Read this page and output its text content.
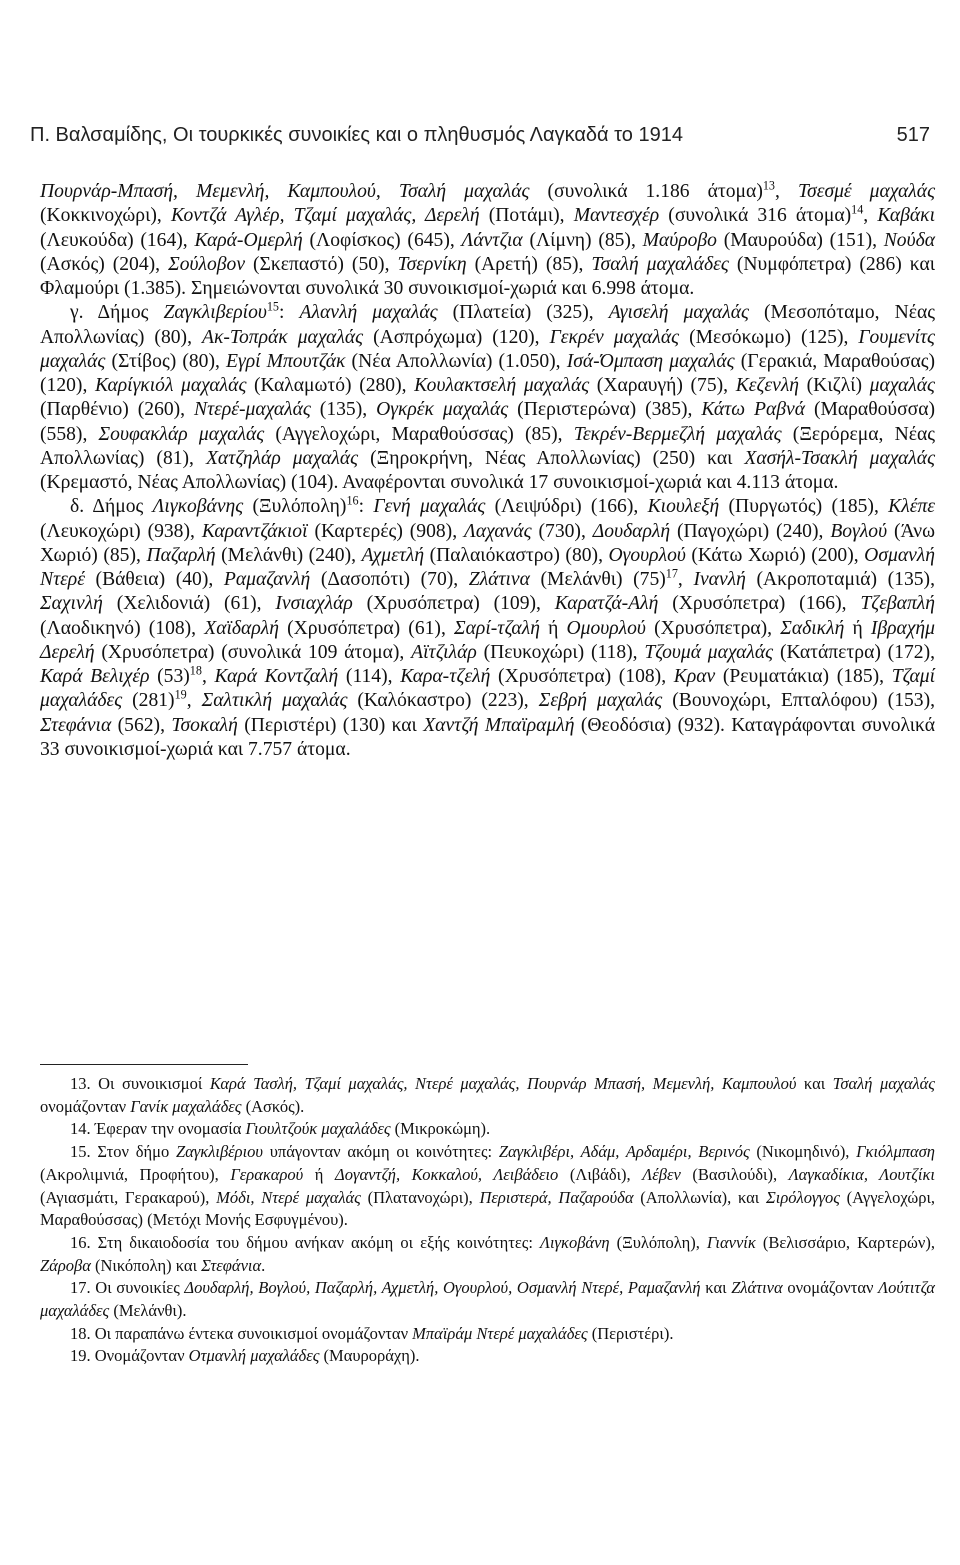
Π. Βαλσαμίδης, Οι τουρκικές συνοικίες και ο πληθυσμός Λαγκαδά το 1914	517

Πουρνάρ-Μπασή, Μεμενλή, Καμπουλού, Τσαλή μαχαλάς (συνολικά 1.186 άτομα)$^{13}$, Τσεσμέ μαχαλάς (Κοκκινοχώρι), Κοντζά Αγλέρ, Τζαμί μαχαλάς, Δερελή (Ποτάμι), Μαντεσχέρ (συνολικά 316 άτομα)$^{14}$, Καβάκι (Λευκούδα) (164), Καρά-Ομερλή (Λοφίσκος) (645), Λάντζια (Λίμνη) (85), Μαύροβο (Μαυρούδα) (151), Νούδα (Ασκός) (204), Σούλοβον (Σκεπαστό) (50), Τσερνίκη (Αρετή) (85), Τσαλή μαχαλάδες (Νυμφόπετρα) (286) και Φλαμούρι (1.385). Σημειώνονται συνολικά 30 συνοικισμοί-χωριά και 6.998 άτομα.

γ. Δήμος Ζαγκλιβερίου$^{15}$: Αλανλή μαχαλάς (Πλατεία) (325), Αγισελή μαχαλάς (Μεσοπόταμο, Νέας Απολλωνίας) (80), Ακ-Τοπράκ μαχαλάς (Ασπρόχωμα) (120), Γεκρέν μαχαλάς (Μεσόκωμο) (125), Γουμενίτς μαχαλάς (Στίβος) (80), Εγρί Μπουτζάκ (Νέα Απολλωνία) (1.050), Ισά-Όμπαση μαχαλάς (Γερακιά, Μαραθούσας) (120), Καρίγκιόλ μαχαλάς (Καλαμωτό) (280), Κουλακτσελή μαχαλάς (Χαραυγή) (75), Κεζενλή (Κιζλί) μαχαλάς (Παρθένιο) (260), Ντερέ-μαχαλάς (135), Ογκρέκ μαχαλάς (Περιστερώνα) (385), Κάτω Ραβνά (Μαραθούσσα) (558), Σουφακλάρ μαχαλάς (Αγγελοχώρι, Μαραθούσσας) (85), Τεκρέν-Βερμεζλή μαχαλάς (Ξερόρεμα, Νέας Απολλωνίας) (81), Χατζηλάρ μαχαλάς (Ξηροκρήνη, Νέας Απολλωνίας) (250) και Χασήλ-Τσακλή μαχαλάς (Κρεμαστό, Νέας Απολλωνίας) (104). Αναφέρονται συνολικά 17 συνοικισμοί-χωριά και 4.113 άτομα.

δ. Δήμος Λιγκοβάνης $(\Xi\upsilon\lambda ό\pi o\lambda\eta)^{16}$: Γενή μαχαλάς (Λειψύδρι) (166), Κιουλεξή (Πυργωτός) (185), Κλέπε (Λευκοχώρι) (938), Καραντζάκιοϊ (Καρτερές) (908), Λαχανάς (730), Δουδαρλή (Παγοχώρι) (240), Βογλού (Άνω Χωριό) (85), Παζαρλή (Μελάνθι) (240), Αχμετλή (Παλαιόκαστρο) (80), Ογουρλού (Κάτω Χωριό) (200), Οσμανλή Ντερέ (Βάθεια) (40), Ραμαζανλή (Δασοπότι) (70), Ζλάτινα (Μελάνθι) $(75)^{17}$, Ινανλή (Ακροποταμιά) (135), Σαχινλή (Χελιδονιά) (61), Ινσιαχλάρ (Χρυσόπετρα) (109), Καρατζά-Αλή (Χρυσόπετρα) (166), Τζεβαπλή (Λαοδικηνό) (108), Χαϊδαρλή (Χρυσόπετρα) (61), Σαρί-τζαλή ή Ομουρλού (Χρυσόπετρα), Σαδικλή ή Ιβραχήμ Δερελή (Χρυσόπετρα) (συνολικά 109 άτομα), Αϊτζιλάρ (Πευκοχώρι) (118), Τζουμά μαχαλάς (Κατάπετρα) (172), Καρά Βελιχέρ $(53)^{18}$, Καρά Κοντζαλή (114), Καρα-τζελή (Χρυσόπετρα) (108), Κραν (Ρευματάκια) (185), Τζαμί μαχαλάδες $(281)^{19}$, Σαλτικλή μαχαλάς (Καλόκαστρο) (223), Σεβρή μαχαλάς (Βουνοχώρι, Επταλόφου) (153), Στεφάνια (562), Τσοκαλή (Περιστέρι) (130) και Χαντζή Μπαϊραμλή (Θεοδόσια) (932). Καταγράφονται συνολικά 33 συνοικισμοί-χωριά και 7.757 άτομα.

13. Οι συνοικισμοί Καρά Τασλή, Τζαμί μαχαλάς, Ντερέ μαχαλάς, Πουρνάρ Μπασή, Μεμενλή, Καμπουλού και Τσαλή μαχαλάς ονομάζονταν Γανίκ μαχαλάδες (Ασκός).

14. Έφεραν την ονομασία Γιουλτζούκ μαχαλάδες (Μικροκώμη).

15. Στον δήμο Ζαγκλιβέριου υπάγονταν ακόμη οι κοινότητες: Ζαγκλιβέρι, Αδάμ, Αρδαμέρι, Βερινός (Νικομηδινό), Γκιόλμπαση (Ακρολιμνιά, Προφήτου), Γερακαρού ή Δογαντζή, Κοκκαλού, Λειβάδειο (Λιβάδι), Λέβεν (Βασιλούδι), Λαγκαδίκια, Λουτζίκι (Αγιασμάτι, Γερακαρού), Μόδι, Ντερέ μαχαλάς (Πλατανοχώρι), Περιστερά, Παζαρούδα (Απολλωνία), και Σιρόλογγος (Αγγελοχώρι, Μαραθούσσας) (Μετόχι Μονής Εσφυγμένου).

16. Στη δικαιοδοσία του δήμου ανήκαν ακόμη οι εξής κοινότητες: Λιγκοβάνη (Ξυλόπολη), Γιαννίκ (Βελισσάριο, Καρτερών), Ζάροβα (Νικόπολη) και Στεφάνια.

17. Οι συνοικίες Δουδαρλή, Βογλού, Παζαρλή, Αχμετλή, Ογουρλού, Οσμανλή Ντερέ, Ραμαζανλή και Ζλάτινα ονομάζονταν Λούτιτζα μαχαλάδες (Μελάνθι).

18. Οι παραπάνω έντεκα συνοικισμοί ονομάζονταν Μπαϊράμ Ντερέ μαχαλάδες (Περιστέρι).

19. Ονομάζονταν Οτμανλή μαχαλάδες (Μαυροράχη).
